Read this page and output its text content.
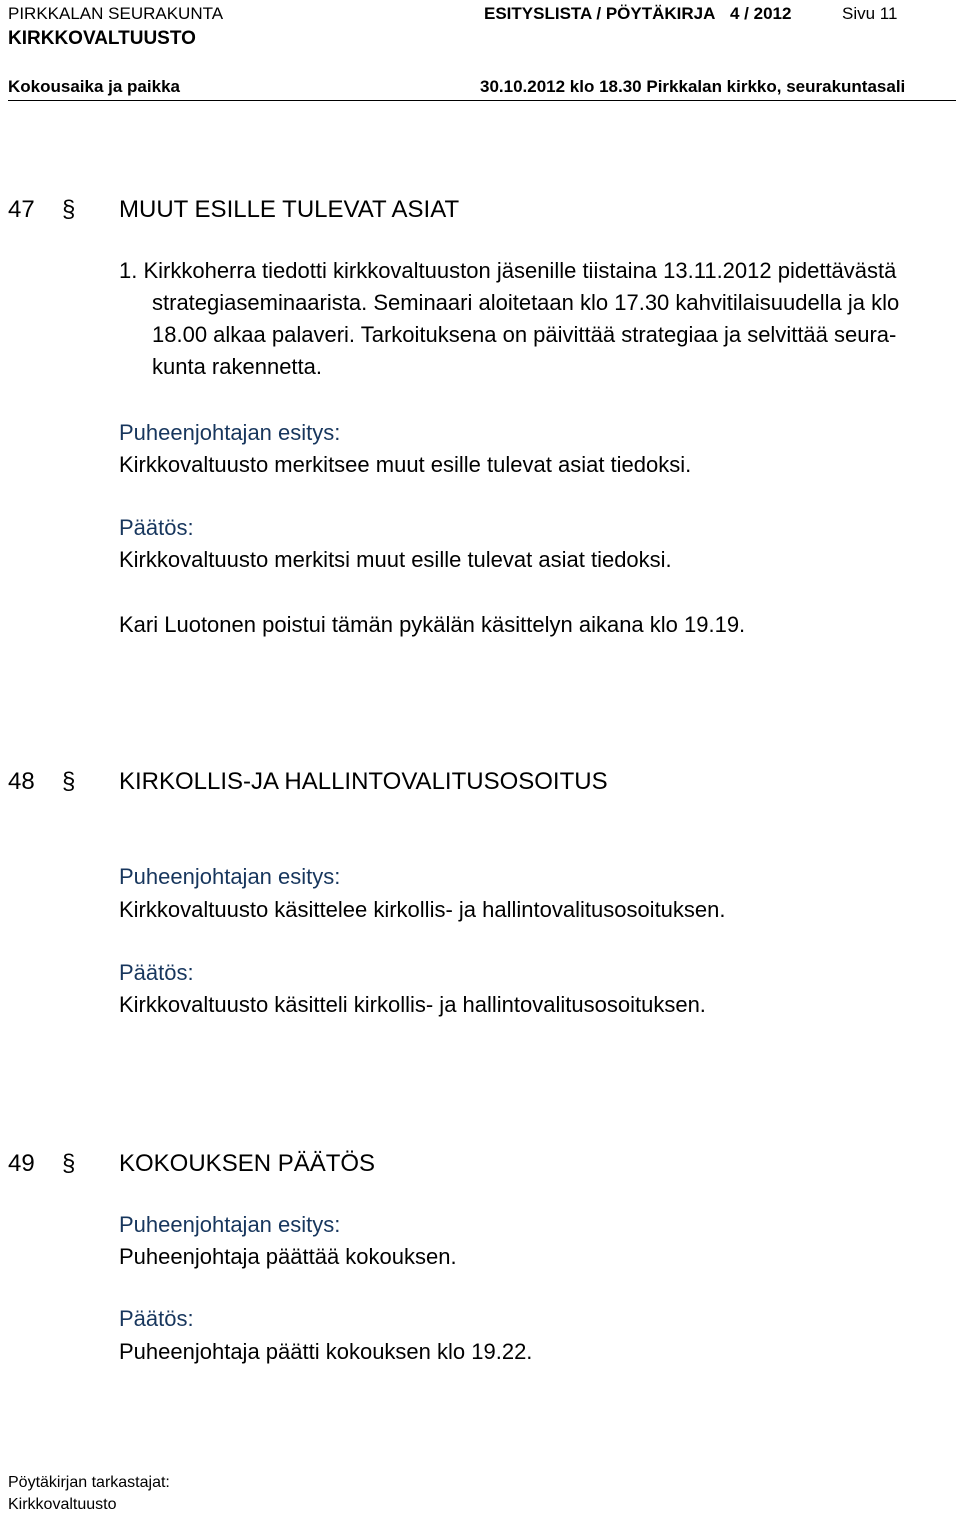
PIRKKALAN SEURAKUNTA	ESITYSLISTA / PÖYTÄKIRJA 4 / 2012	Sivu 11
KIRKKOVALTUUSTO
Kokousaika ja paikka	30.10.2012 klo 18.30 Pirkkalan kirkko, seurakuntasali
47 § MUUT ESILLE TULEVAT ASIAT
1. Kirkkoherra tiedotti kirkkovaltuuston jäsenille tiistaina 13.11.2012 pidettävästä
strategiaseminaarista. Seminaari aloitetaan klo 17.30 kahvitilaisuudella ja klo
18.00 alkaa palaveri. Tarkoituksena on päivittää strategiaa ja selvittää seura-
kunta rakennetta.
Puheenjohtajan esitys:
Kirkkovaltuusto merkitsee muut esille tulevat asiat tiedoksi.
Päätös:
Kirkkovaltuusto merkitsi muut esille tulevat asiat tiedoksi.
Kari Luotonen poistui tämän pykälän käsittelyn aikana klo 19.19.
48 § KIRKOLLIS-JA HALLINTOVALITUSOSOITUS
Puheenjohtajan esitys:
Kirkkovaltuusto käsittelee kirkollis- ja hallintovalitusosoituksen.
Päätös:
Kirkkovaltuusto käsitteli kirkollis- ja hallintovalitusosoituksen.
49 § KOKOUKSEN PÄÄTÖS
Puheenjohtajan esitys:
Puheenjohtaja päättää kokouksen.
Päätös:
Puheenjohtaja päätti kokouksen klo 19.22.
Pöytäkirjan tarkastajat:
Kirkkovaltuusto
